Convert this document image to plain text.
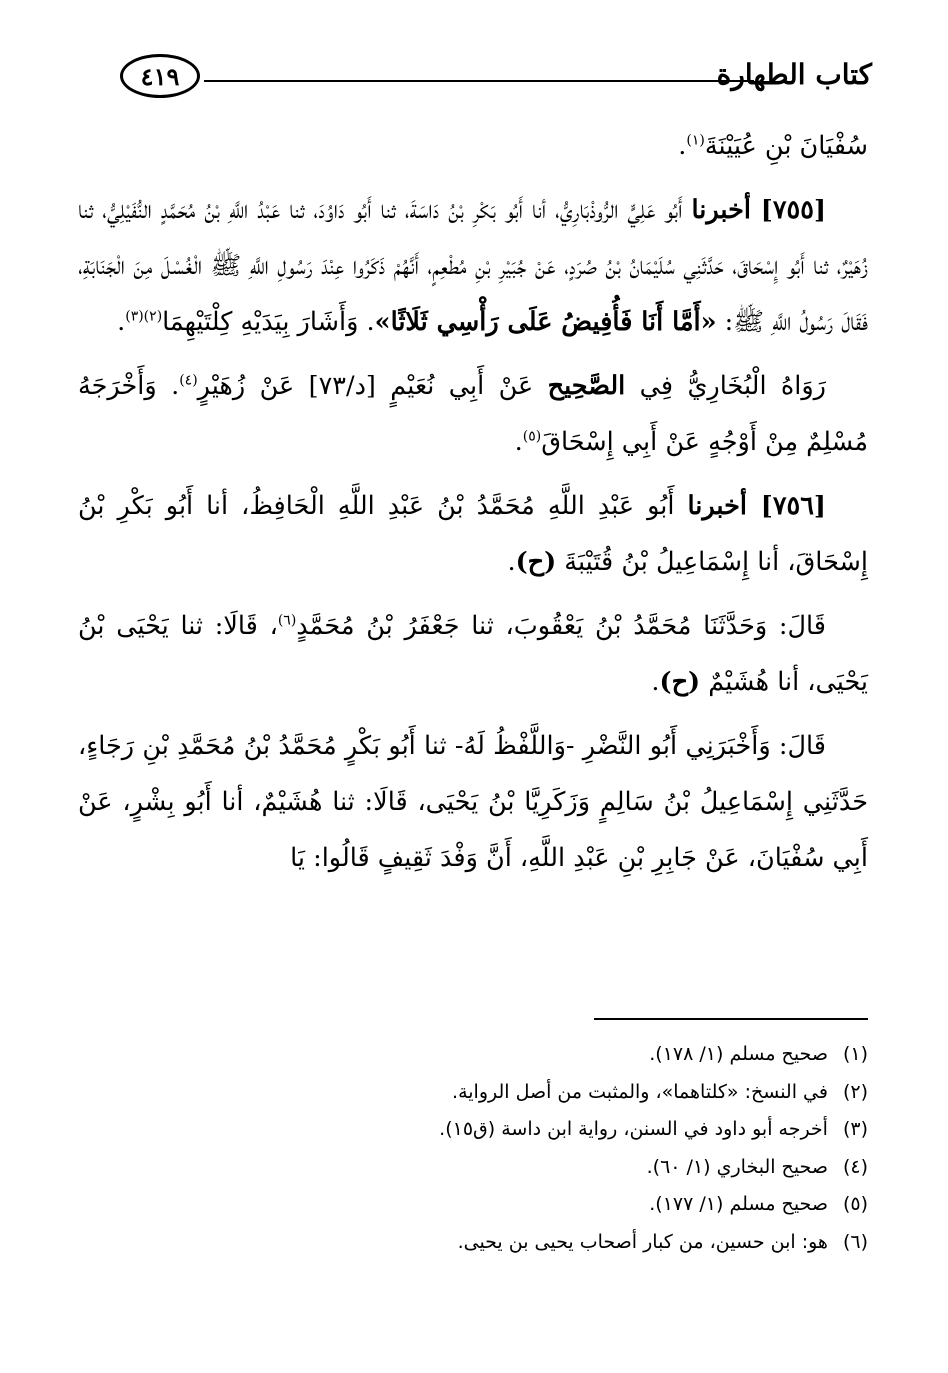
٤١٩	كتاب الطهارة

سُفْيَانَ بْنِ عُيَيْنَةَ$^{(١)}$.

[٧٥٥] أخبرنا أَبُو عَلِيٍّ الرُّوذْبَارِيُّ، أنا أَبُو بَكْرِ بْنُ دَاسَةَ، ثنا أَبُو دَاوُدَ، ثنا عَبْدُ اللَّهِ بْنُ مُحَمَّدٍ النُّفَيْلِيُّ، ثنا زُهَيْرٌ، ثنا أَبُو إِسْحَاقَ، حَدَّثَنِي سُلَيْمَانُ بْنُ صُرَدٍ، عَنْ جُبَيْرِ بْنِ مُطْعِمٍ، أَنَّهُمْ ذَكَرُوا عِنْدَ رَسُولِ اللَّهِ ﷺ الْغُسْلَ مِنَ الْجَنَابَةِ، فَقَالَ رَسُولُ اللَّهِ ﷺ: «أَمَّا أَنَا فَأُفِيضُ عَلَى رَأْسِي ثَلَاثًا». وَأَشَارَ بِيَدَيْهِ كِلْتَيْهِمَا$^{(٢)(٣)}$.

رَوَاهُ الْبُخَارِيُّ فِي الصَّحِيح عَنْ أَبِي نُعَيْمٍ [د/٧٣] عَنْ زُهَيْرٍ$^{(٤)}$. وَأَخْرَجَهُ مُسْلِمٌ مِنْ أَوْجُهٍ عَنْ أَبِي إِسْحَاقَ$^{(٥)}$.

[٧٥٦] أخبرنا أَبُو عَبْدِ اللَّهِ مُحَمَّدُ بْنُ عَبْدِ اللَّهِ الْحَافِظُ، أنا أَبُو بَكْرِ بْنُ إِسْحَاقَ، أنا إِسْمَاعِيلُ بْنُ قُتَيْبَةَ (ح).

قَالَ: وَحَدَّثَنَا مُحَمَّدُ بْنُ يَعْقُوبَ، ثنا جَعْفَرُ بْنُ مُحَمَّدٍ$^{(٦)}$، قَالَا: ثنا يَحْيَى بْنُ يَحْيَى، أنا هُشَيْمٌ (ح).

قَالَ: وَأَخْبَرَنِي أَبُو النَّضْرِ -وَاللَّفْظُ لَهُ- ثنا أَبُو بَكْرٍ مُحَمَّدُ بْنُ مُحَمَّدِ بْنِ رَجَاءٍ، حَدَّثَنِي إِسْمَاعِيلُ بْنُ سَالِمٍ وَزَكَرِيَّا بْنُ يَحْيَى، قَالَا: ثنا هُشَيْمٌ، أنا أَبُو بِشْرٍ، عَنْ أَبِي سُفْيَانَ، عَنْ جَابِرِ بْنِ عَبْدِ اللَّهِ، أَنَّ وَفْدَ ثَقِيفٍ قَالُوا: يَا

(١) صحيح مسلم (١/ ١٧٨).
(٢) في النسخ: «كلتاهما»، والمثبت من أصل الرواية.
(٣) أخرجه أبو داود في السنن، رواية ابن داسة (ق١٥).
(٤) صحيح البخاري (١/ ٦٠).
(٥) صحيح مسلم (١/ ١٧٧).
(٦) هو: ابن حسين، من كبار أصحاب يحيى بن يحيى.
